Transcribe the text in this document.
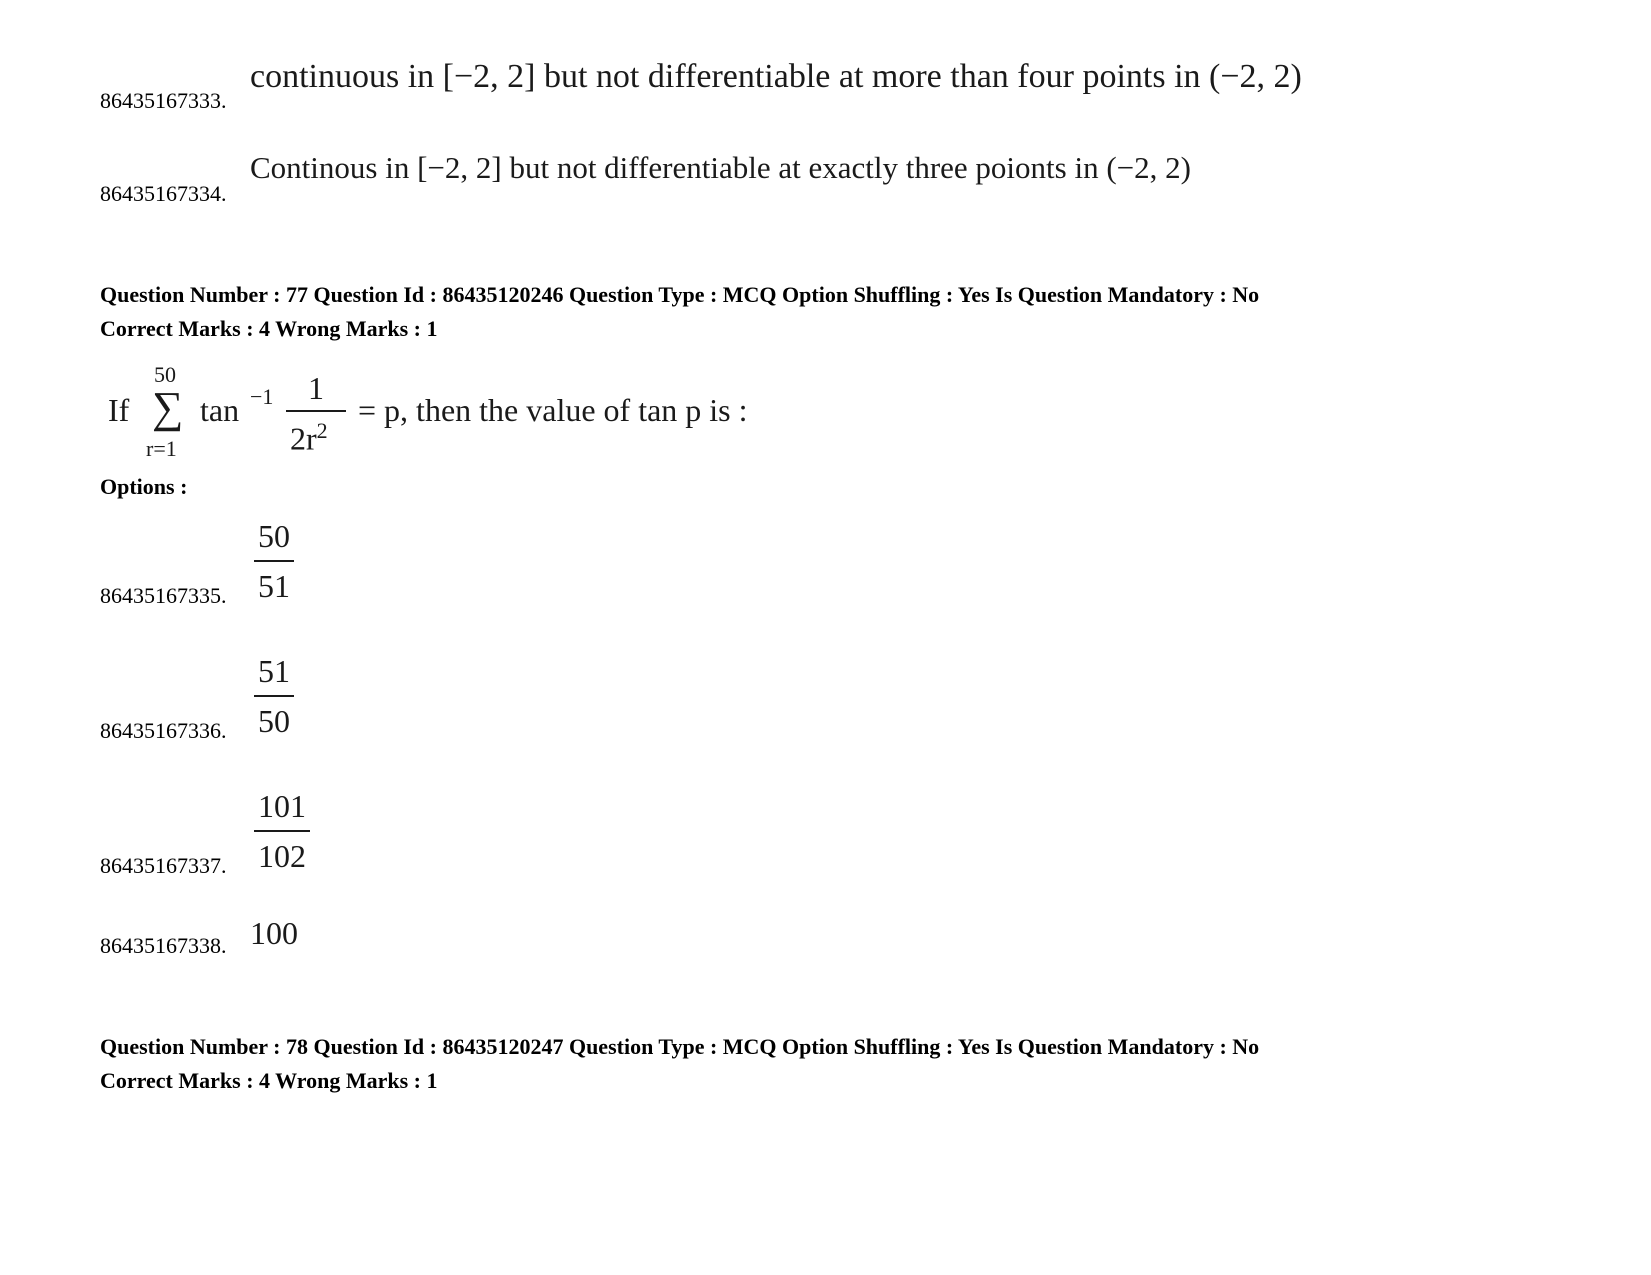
86435167333.
continuous in [−2, 2] but not differentiable at more than four points in (−2, 2)
86435167334.
Continous in [−2, 2] but not differentiable at exactly three poionts in (−2, 2)
Question Number : 77 Question Id : 86435120246 Question Type : MCQ Option Shuffling : Yes Is Question Mandatory : No
Correct Marks : 4 Wrong Marks : 1
If
50
∑
r=1
tan −1 1
$2r^2$
= p, then the value of tan p is :
Options :
86435167335.
50
51
86435167336.
51
50
86435167337.
101
102
86435167338. 100
Question Number : 78 Question Id : 86435120247 Question Type : MCQ Option Shuffling : Yes Is Question Mandatory : No
Correct Marks : 4 Wrong Marks : 1
